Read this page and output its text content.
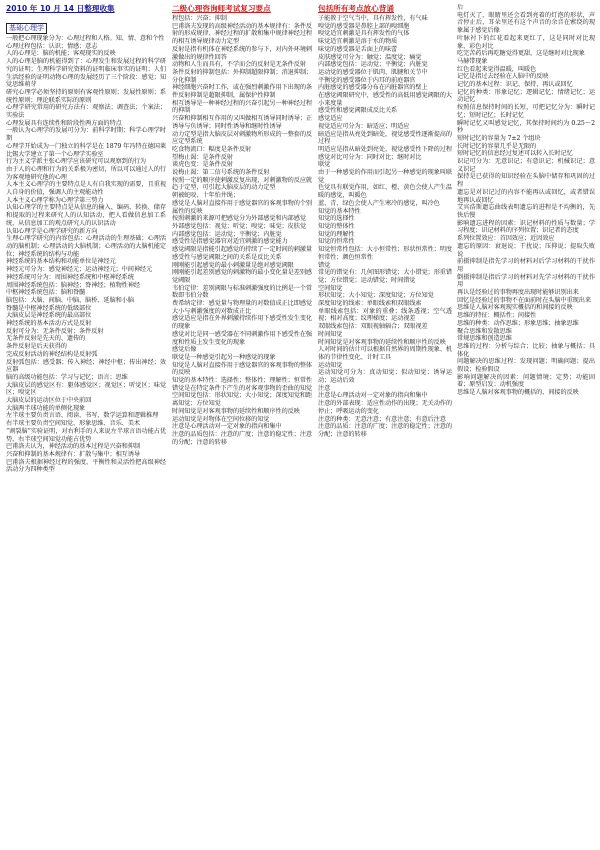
2010 年 10 月 14 日整理收集
基础心理学

一般把心理现象分为：心理过程和人格。知、情、意和个性
心理过程包括：认识；情感；意志
人的心理是：脑的机能；客观现实的反映
人的心理是脑的机能得到了：心理发生和发展过程的科学研究的证明；生理科学研究资料的证明临床事实的证明；人们生活经验的证明动物心理的发展经历了三个阶段：感觉；知觉思维萌芽
研究心理学必须坚持的原则有客观性原则；发展性原则；系统性原则；理论联系实际的原则
心理学研究常用的研究方法有：观察法；调查法；个案法；实验法
心理发展具有连续性和阶段性两方面的特点
一般认为心理学的发展可分为：前科学时期；科学心理学时期
心理学开始成为一门独立的科学是在 1879 年冯特在德国莱比锡大学建立了第一个心理学实验室
行为主义学派主张心理学应该研究可以观察到的行为
由于人的心理和行为的关系极为密切，所以可以通过人的行为客观地研究他的心理
人本主义心理学的主要特点是人有自我实现的需要，且重视人自身的价值，强调人的主观能动性
人本主义心理学称为心理学第三势力
认知心理学的主要特点是从信息的输入、编码、转换、储存和提取的过程来研究人的认知活动，把人看做信息加工系统，从信息加工的观点研究人的认识活动
认知心理学是心理学研究的新方向
生理心理学研究的内容包括：心理活动的生理基础；心理活动的脑机制；心理活动的大脑机制；心理活动的大脑机能定位；神经系统的结构与功能
神经系统的基本结构和功能单位是神经元
神经元可分为：感觉神经元；运动神经元；中间神经元
神经系统可分为：周围神经系统和中枢神经系统
周围神经系统包括：脑神经；脊神经；植物性神经
中枢神经系统包括：脑和脊髓
脑包括：大脑、间脑、中脑、脑桥、延脑和小脑
脊髓是中枢神经系统的低级部位
大脑皮层是神经系统的最高部位
神经系统的基本活动方式是反射
反射可分为：无条件反射；条件反射
无条件反射是先天的、遗传的
条件反射是后天获得的
完成反射活动的神经结构是反射弧
反射弧包括：感受器；传入神经；神经中枢；传出神经；效应器
脑的高级功能包括：学习与记忆；语言；思维
大脑皮层的感觉区有：躯体感觉区；视觉区；听觉区；味觉区；嗅觉区
大脑皮层的运动区位于中央前回
大脑两半球功能的单侧化现象
左半球主要负责言语、阅读、书写、数学运算和逻辑推理
右半球主要负责空间知觉、形象思维、音乐、美术
“割裂脑”实验证明，对右利手的人来说左半球言语功能占优势，右半球空间知觉功能占优势
巴甫洛夫认为，神经活动的基本过程是兴奋和抑制
兴奋和抑制的基本规律有：扩散与集中；相互诱导
巴甫洛夫根据神经过程的强度、平衡性和灵活性把高级神经活动分为四种类型

二级心理咨询师考试复习要点

程包括：兴奋；抑制
巴甫洛夫发现的高级神经活动的基本规律有：条件反射的形成规律、神经过程的扩散和集中规律神经过程的相互诱导规律动力定型
反射是指有机体在神经系统的参与下，对内外环境刺激做出的规律性回答
动物和人生而具有，不学而会的反射是无条件反射
条件反射的抑制包括：外抑制超限抑制；消退抑制；分化抑制
神经细胞兴奋时工作，或在强烈刺激作用下出现的条件反射抑制是超限抑制，属保护性抑制
相互诱导是一种神经过程的兴奋引起另一种神经过程的抑制
兴奋和抑制相互作用的又叫做相互诱导同时诱导；正诱导与负诱导；同时性诱导和继时性诱导
动力定型是指大脑皮层对刺激物所形成的一整套的反应定型系统
吃食物流口：幅度是条件反射
望梅止渴：是条件反射
谈虎色变：是条件反射
说梅止渴：第二信号系统的条件反射
按照一定的顺序使刺激反复出现，对刺激物的反应就趋于定型，可引起大脑皮层的动力定型
朝被蛇咬、十年怕井绳；
感觉是人脑对直接作用于感觉器官的客观事物的个别属性的反映
按照刺激的来源可把感觉分为外部感觉和内部感觉
外部感觉包括：视觉；听觉；嗅觉；味觉；皮肤觉
内部感觉包括：运动觉；平衡觉；内脏觉
感受性是指感觉器官对适宜刺激的感觉能力
感觉阈限是指能引起感觉的持续了一定时间的刺激量
感受性与感觉阈限之间的关系是反比关系
刚刚能引起感觉的最小刺激量是绝对感觉阈限
刚刚能引起差别感觉的刺激物的最小变化量是差别感觉阈限
韦伯定律：差别阈限与标准刺激强度的比例是一个常数即韦伯分数
费希纳定律：感觉量与物理量的对数值成正比即感觉大小与刺激强度的对数成正比
感觉适应是指在外界刺激持续作用下感受性发生变化的现象
感觉对比是同一感受器在不同刺激作用下感受性在强度和性质上发生变化的现象
感觉后像
联觉是一种感觉引起另一种感觉的现象
知觉是人脑对直接作用于感觉器官的客观事物的整体的反映
知觉的基本特性：选择性；整体性；理解性；恒常性
错觉是在特定条件下产生的对客观事物的歪曲的知觉
空间知觉包括：形状知觉；大小知觉；深度知觉和距离知觉；方位知觉
时间知觉是对客观事物的延续性和顺序性的反映
运动知觉是对物体在空间位移的知觉
注意是心理活动对一定对象的指向和集中
注意的品质包括：注意的广度；注意的稳定性；注意的分配；注意的转移

包括所有考点放心背诵

子能教于空气当中，具有挥发性，有气味
嗅觉的感受器是鼻腔上部的嗅细胞
嗅觉适宜刺激是具有挥发性的气体
味觉适宜刺激是溶于水的物质
味觉的感受器是舌面上的味蕾
皮肤感觉可分为：触觉；温度觉；痛觉
内部感觉包括：运动觉；平衡觉；内脏觉
运动觉的感受器位于肌肉、肌腱和关节中
平衡觉的感受器位于内耳的前庭器官
内脏感觉的感受器分布在内脏器官的壁上
在感觉阈限研究中，感受性的高低用感觉阈限的大小来度量
感受性和感觉阈限成反比关系
感觉适应
视觉适应可分为：暗适应；明适应
暗适应是指从亮处到暗处，视觉感受性逐渐提高的过程
明适应是指从暗处到亮处，视觉感受性下降的过程
感觉对比可分为：同时对比；继时对比
联觉
由于一种感觉的作用而引起另一种感觉的现象叫联觉
色觉具有联觉作用，如红、橙、黄色会使人产生温暖的感觉，叫暖色
蓝、青、绿色会使人产生寒冷的感觉，叫冷色
知觉的基本特性
知觉的选择性
知觉的整体性
知觉的理解性
知觉的恒常性
知觉恒常性包括：大小恒常性；形状恒常性；明度恒常性；颜色恒常性
错觉
常见的错觉有：几何图形错觉；大小错觉；形重错觉；方位错觉；运动错觉；时间错觉
空间知觉
形状知觉；大小知觉；深度知觉；方位知觉
深度知觉的线索：单眼线索和双眼线索
单眼线索包括：对象的重叠；线条透视；空气透视；相对高度；纹理梯度；运动视差
双眼线索包括：双眼视轴辐合；双眼视差
时间知觉
时间知觉是对客观事物的延续性和顺序性的反映
人对时间的估计可以根据自然界的周期性现象、机体的节律性变化、计时工具
运动知觉
运动知觉可分为：真动知觉；似动知觉；诱导运动；运动后效
注意
注意是心理活动对一定对象的指向和集中
注意的外部表现：适应性动作的出现；无关动作的停止；呼吸运动的变化
注意的种类：无意注意；有意注意；有意后注意
注意的品质：注意的广度；注意的稳定性；注意的分配；注意的转移

后
电灯灭了，眼睛里还会看到亮着的灯泡的形状，声音停止后，耳朵里还有这个声音的余音在萦绕的现象属于感觉后像
叶脉衬下的红花看起来更红了，这是同时对比现象，彩色对比
吃完苦药后再吃糖觉得更甜，这是继时对比现象
马赫带现象
红色看起来觉得温暖，叫暖色
记忆是指过去经验在人脑中的反映
记忆的基本过程：识记、保持、再认或回忆
记忆的种类：形象记忆；逻辑记忆；情绪记忆；运动记忆
按照信息保持时间的长短，可把记忆分为：瞬时记忆；短时记忆；长时记忆
瞬时记忆又叫感觉记忆，其保持时间约为 0.25～2 秒
短时记忆的容量为 7±2 个组块
长时记忆的容量几乎是无限的
短时记忆的信息经过复述可以转入长时记忆
识记可分为：无意识记；有意识记；机械识记；意义识记
保持是已获得的知识经验在头脑中储存和巩固的过程
遗忘是对识记过的内容不能再认或回忆，或者错误地再认或回忆
艾宾浩斯遗忘曲线表明遗忘的进程是不均衡的，先快后慢
影响遗忘进程的因素：识记材料的性质与数量；学习程度；识记材料的序列位置；识记者的态度
系列位置效应：首因效应；近因效应
遗忘的原因：衰退说；干扰说；压抑说；提取失败说
前摄抑制是指先学习的材料对后学习材料的干扰作用
倒摄抑制是指后学习的材料对先学习材料的干扰作用
再认是经验过的事物再度出现时能够识别出来
回忆是经验过的事物不在面前时在头脑中重现出来
思维是人脑对客观现实概括的和间接的反映
思维的特征：概括性；间接性
思维的种类：动作思维；形象思维；抽象思维
聚合思维和发散思维
常规思维和创造思维
思维的过程：分析与综合；比较；抽象与概括；具体化
问题解决的思维过程：发现问题；明确问题；提出假设；检验假设
影响问题解决的因素：问题情境；定势；功能固着；原型启发；动机强度
思维是人脑对客观事物的概括的、间接的反映
